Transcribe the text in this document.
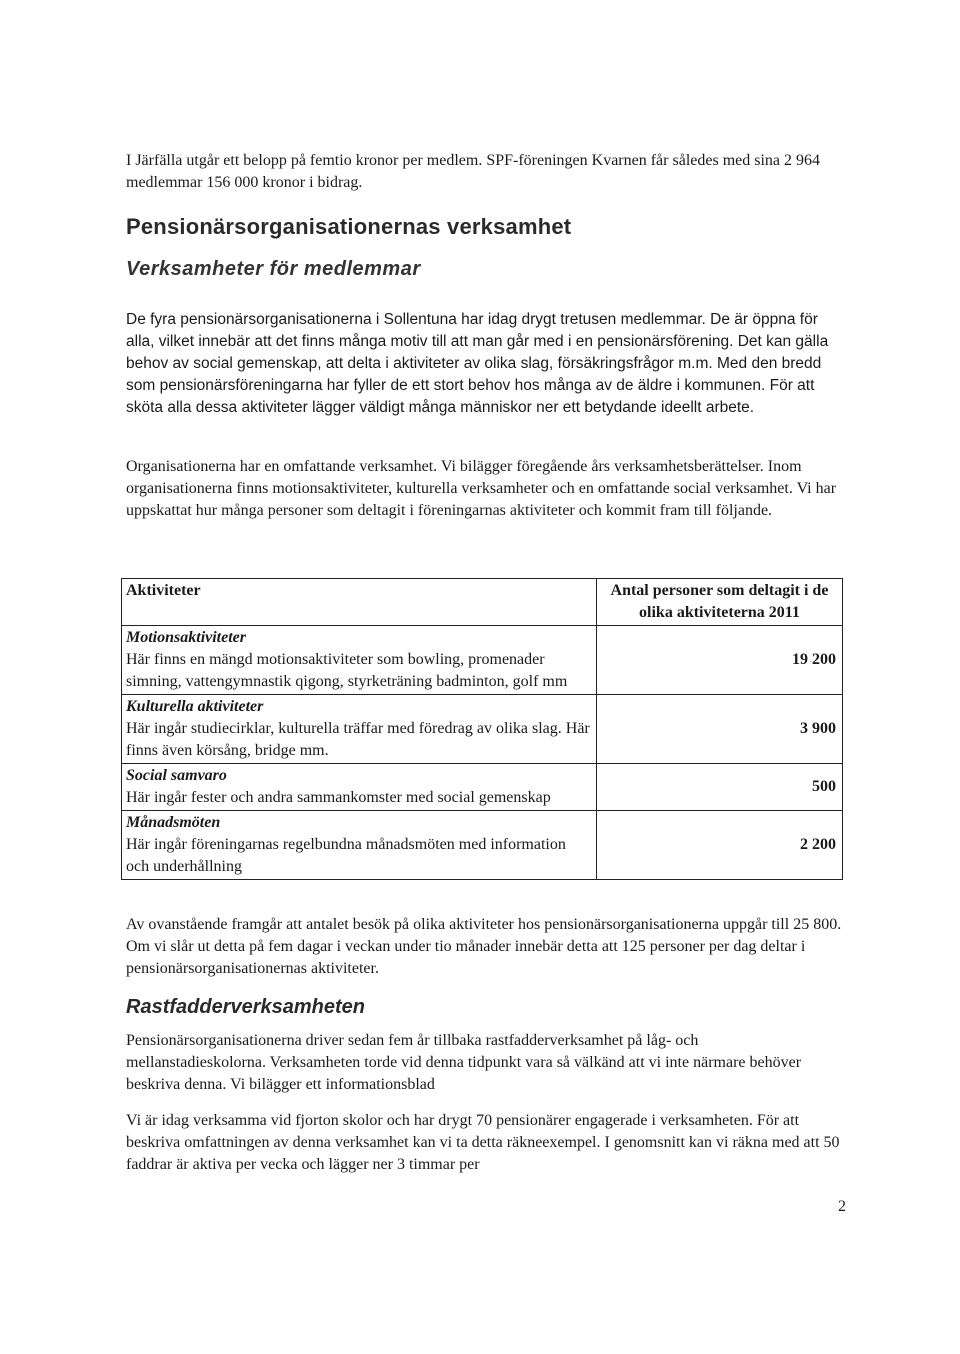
I Järfälla utgår ett belopp på femtio kronor per medlem. SPF-föreningen Kvarnen får således med sina 2 964 medlemmar 156 000 kronor i bidrag.

Pensionärsorganisationernas verksamhet
Verksamheter för medlemmar

De fyra pensionärsorganisationerna i Sollentuna har idag drygt tretusen medlemmar. De är öppna för alla, vilket innebär att det finns många motiv till att man går med i en pensionärsförening. Det kan gälla behov av social gemenskap, att delta i aktiviteter av olika slag, försäkringsfrågor m.m. Med den bredd som pensionärsföreningarna har fyller de ett stort behov hos många av de äldre i kommunen. För att sköta alla dessa aktiviteter lägger väldigt många människor ner ett betydande ideellt arbete.

Organisationerna har en omfattande verksamhet. Vi bilägger föregående års verksamhetsberättelser. Inom organisationerna finns motionsaktiviteter, kulturella verksamheter och en omfattande social verksamhet. Vi har uppskattat hur många personer som deltagit i föreningarnas aktiviteter och kommit fram till följande.

Aktiviteter	Antal personer som deltagit i de olika aktiviteterna 2011

Motionsaktiviteter
Här finns en mängd motionsaktiviteter som bowling, promenader simning, vattengymnastik qigong, styrketräning badminton, golf mm	19 200

Kulturella aktiviteter
Här ingår studiecirklar, kulturella träffar med föredrag av olika slag. Här finns även körsång, bridge mm.	3 900

Social samvaro
Här ingår fester och andra sammankomster med social gemenskap	500

Månadsmöten
Här ingår föreningarnas regelbundna månadsmöten med information och underhållning	2 200

Av ovanstående framgår att antalet besök på olika aktiviteter hos pensionärsorganisationerna uppgår till 25 800. Om vi slår ut detta på fem dagar i veckan under tio månader innebär detta att 125 personer per dag deltar i pensionärsorganisationernas aktiviteter.

Rastfadderverksamheten

Pensionärsorganisationerna driver sedan fem år tillbaka rastfadderverksamhet på låg- och mellanstadieskolorna. Verksamheten torde vid denna tidpunkt vara så välkänd att vi inte närmare behöver beskriva denna. Vi bilägger ett informationsblad

Vi är idag verksamma vid fjorton skolor och har drygt 70 pensionärer engagerade i verksamheten. För att beskriva omfattningen av denna verksamhet kan vi ta detta räkneexempel. I genomsnitt kan vi räkna med att 50 faddrar är aktiva per vecka och lägger ner 3 timmar per

2
